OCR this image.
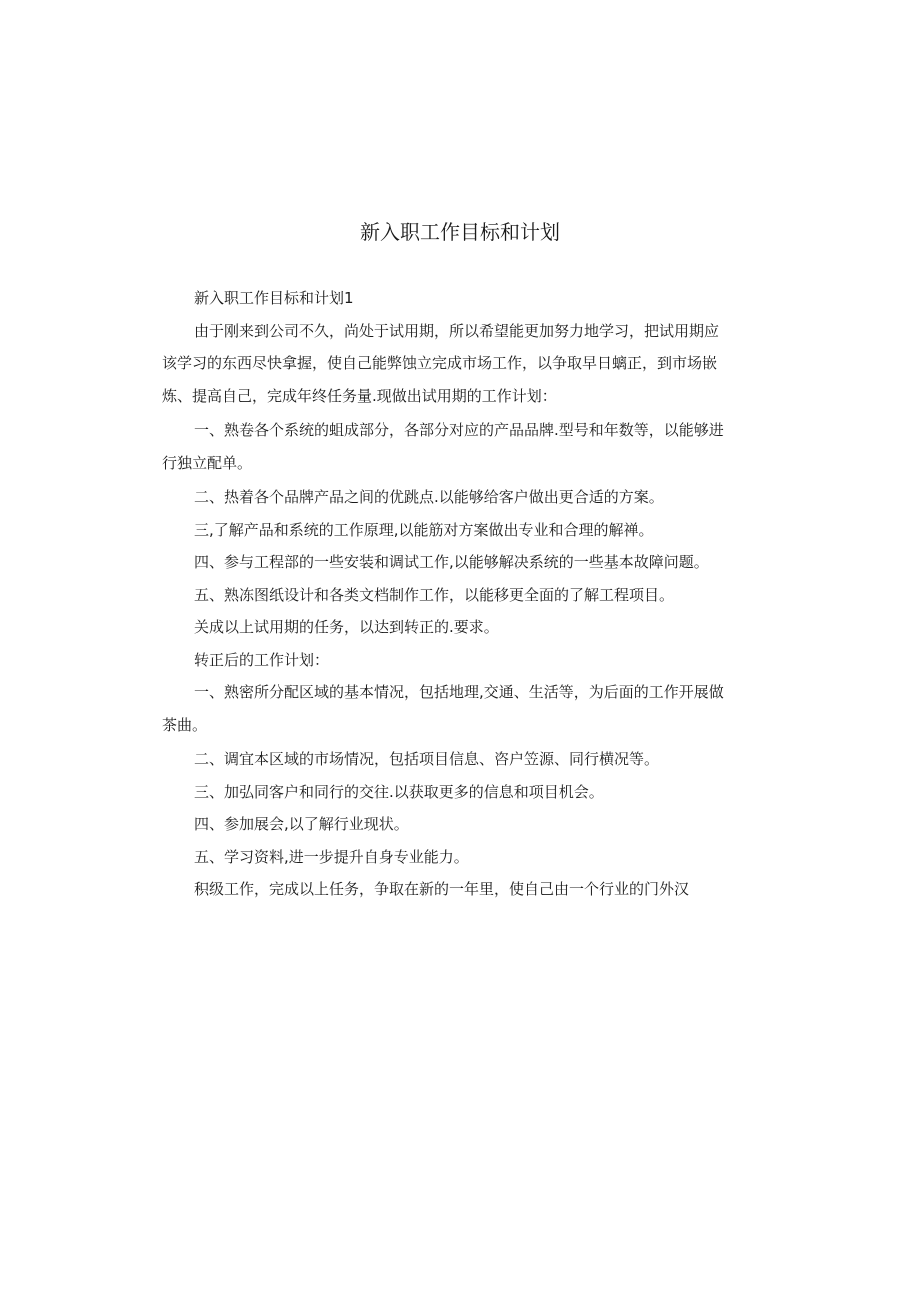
新入职工作目标和计划

新入职工作目标和计划1

由于刚来到公司不久，尚处于试用期，所以希望能更加努力地学习，把试用期应
该学习的东西尽快拿握，使自己能弊蚀立完成市场工作，以争取早日螭正，到市场嵌
炼、提高自己，完成年终任务量.现做出试用期的工作计划：

一、熟卷各个系统的蛆成部分，各部分对应的产品品牌.型号和年数等，以能够进
行独立配单。

二、热着各个品牌产品之间的优跳点.以能够给客户做出更合适的方案。

三,了解产品和系统的工作原理,以能筋对方案做出专业和合理的解禅。

四、参与工程部的一些安装和调试工作,以能够解决系统的一些基本故障问题。

五、熟冻图纸设计和各类文档制作工作，以能移更全面的了解工程项目。

关成以上试用期的任务，以达到转正的.要求。

转正后的工作计划：

一、熟密所分配区域的基本情况，包括地理,交通、生活等，为后面的工作开展做
茶曲。

二、调宜本区域的市场情况，包括项目信息、咨户笠源、同行横况等。

三、加弘同客户和同行的交往.以获取更多的信息和项目机会。

四、参加展会,以了解行业现状。

五、学习资料,进一步提升自身专业能力。

积级工作，完成以上任务，争取在新的一年里，使自己由一个行业的门外汉
